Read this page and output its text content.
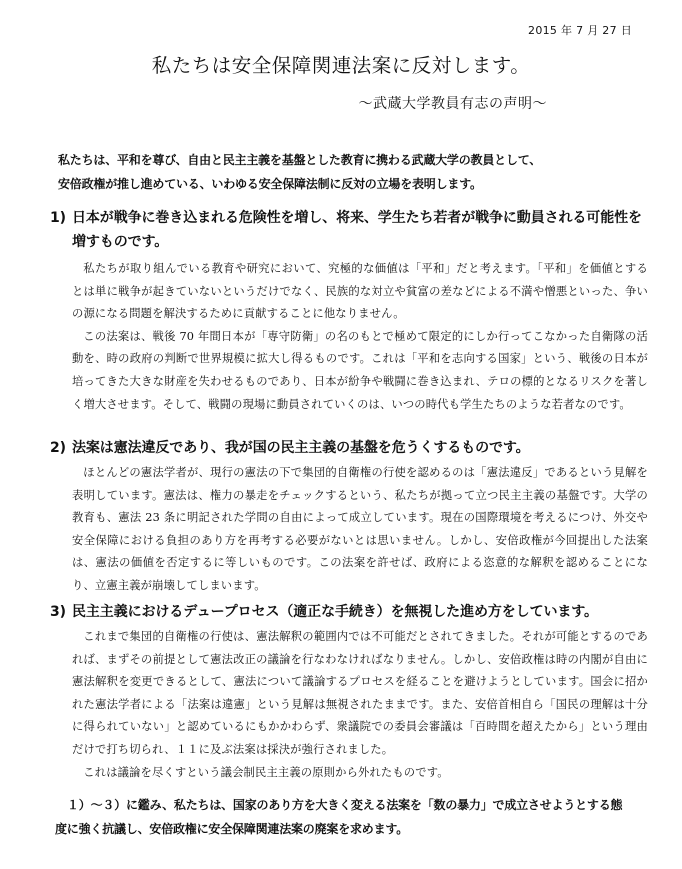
2015 年 7 月 27 日
私たちは安全保障関連法案に反対します。
〜武蔵大学教員有志の声明〜
私たちは、平和を尊び、自由と民主主義を基盤とした教育に携わる武蔵大学の教員として、
安倍政権が推し進めている、いわゆる安全保障法制に反対の立場を表明します。
1) 日本が戦争に巻き込まれる危険性を増し、将来、学生たち若者が戦争に動員される可能性を増すものです。

私たちが取り組んでいる教育や研究において、究極的な価値は「平和」だと考えます。「平和」を価値とするとは単に戦争が起きていないというだけでなく、民族的な対立や貧富の差などによる不満や憎悪といった、争いの源になる問題を解決するために貢献することに他なりません。

この法案は、戦後 70 年間日本が「専守防衛」の名のもとで極めて限定的にしか行ってこなかった自衛隊の活動を、時の政府の判断で世界規模に拡大し得るものです。これは「平和を志向する国家」という、戦後の日本が培ってきた大きな財産を失わせるものであり、日本が紛争や戦闘に巻き込まれ、テロの標的となるリスクを著しく増大させます。そして、戦闘の現場に動員されていくのは、いつの時代も学生たちのような若者なのです。

2) 法案は憲法違反であり、我が国の民主主義の基盤を危うくするものです。

ほとんどの憲法学者が、現行の憲法の下で集団的自衛権の行使を認めるのは「憲法違反」であるという見解を表明しています。憲法は、権力の暴走をチェックするという、私たちが拠って立つ民主主義の基盤です。大学の教育も、憲法 23 条に明記された学問の自由によって成立しています。現在の国際環境を考えるにつけ、外交や安全保障における負担のあり方を再考する必要がないとは思いません。しかし、安倍政権が今回提出した法案は、憲法の価値を否定するに等しいものです。この法案を許せば、政府による恣意的な解釈を認めることになり、立憲主義が崩壊してしまいます。

3) 民主主義におけるデュープロセス（適正な手続き）を無視した進め方をしています。

これまで集団的自衛権の行使は、憲法解釈の範囲内では不可能だとされてきました。それが可能とするのであれば、まずその前提として憲法改正の議論を行なわなければなりません。しかし、安倍政権は時の内閣が自由に憲法解釈を変更できるとして、憲法について議論するプロセスを経ることを避けようとしています。国会に招かれた憲法学者による「法案は違憲」という見解は無視されたままです。また、安倍首相自ら「国民の理解は十分に得られていない」と認めているにもかかわらず、衆議院での委員会審議は「百時間を超えたから」という理由だけで打ち切られ、１１に及ぶ法案は採決が強行されました。

これは議論を尽くすという議会制民主主義の原則から外れたものです。

１）〜３）に鑑み、私たちは、国家のあり方を大きく変える法案を「数の暴力」で成立させようとする態
度に強く抗議し、安倍政権に安全保障関連法案の廃案を求めます。
